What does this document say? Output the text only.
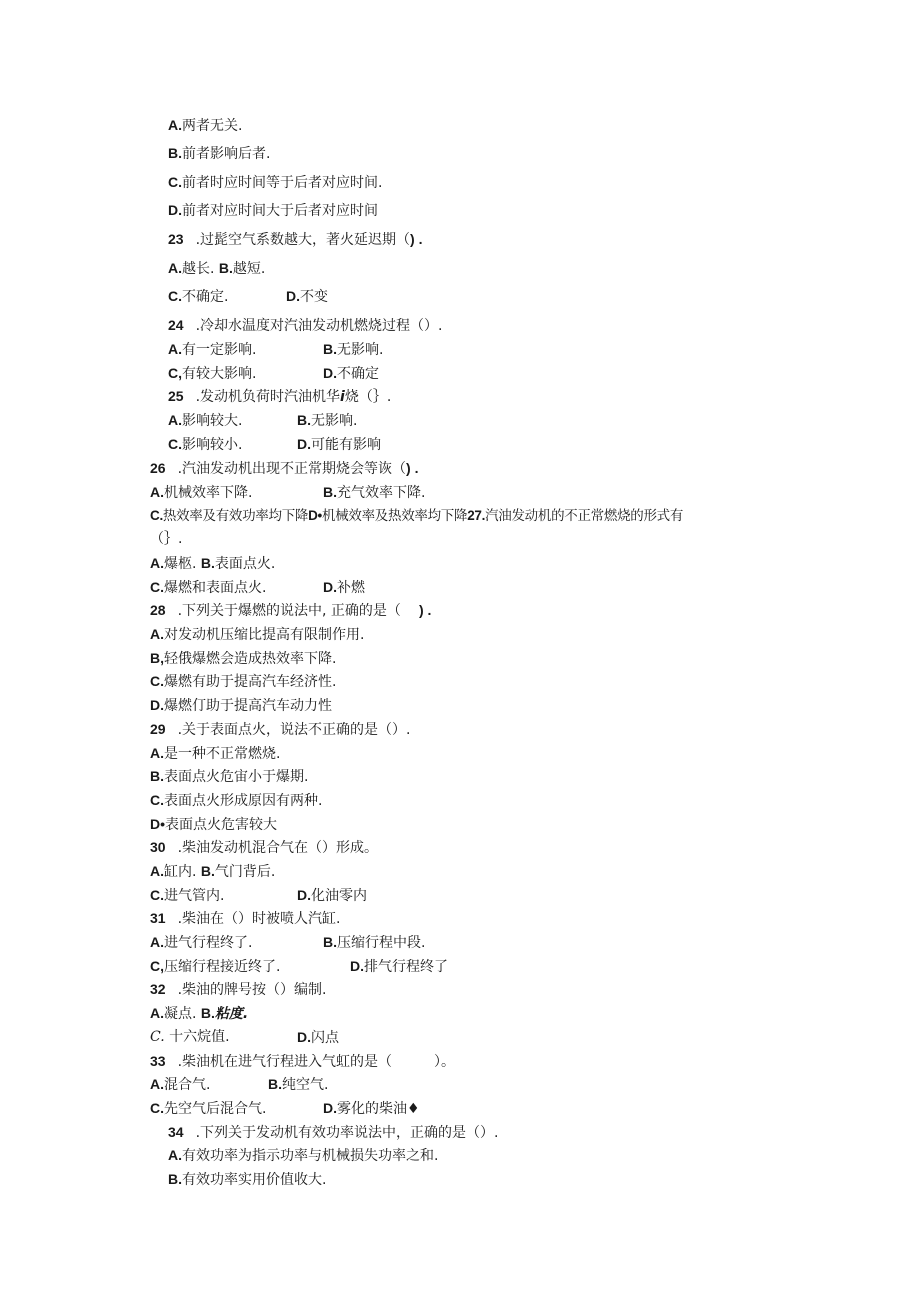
A.两者无关.
B.前者影响后者.
C.前者时应时间等于后者对应时间.
D.前者对应时间大于后者对应时间
23 .过髭空气系数越大，著火延迟期（) .
A.越长. B.越短.
C.不确定.	D.不变
24 .冷却水温度对汽油发动机燃烧过程（）.
A.有一定影响.	B.无影响.
C,有较大影响.	D.不确定
25 .发动机负荷时汽油机华i烧（｝.
A.影响较大.	B.无影响.
C.影响较小.	D.可能有影响
26 .汽油发动机出现不正常期烧会等诙（) .
A.机械效率下降.	B.充气效率下降.
C.热效率及有效功率均下降D•机械效率及热效率均下降27.汽油发动机的不正常燃烧的形式有
（｝.
A.爆柩. B.表面点火.
C.爆燃和表面点火.	D.补燃
28 .下列关于爆燃的说法中, 正确的是（ ) .
A.对发动机压缩比提高有限制作用.
B,轻俄爆燃会造成热效率下降.
C.爆燃有助于提高汽车经济性.
D.爆燃仃助于提高汽车动力性
29 .关于表面点火，说法不正确的是（）.
A.是一种不正常燃烧.
B.表面点火危宙小于爆期.
C.表面点火形成原因有两种.
D•表面点火危害较大
30 .柴油发动机混合气在（）形成。
A.缸内. B.气门背后.
C.进气管内.	D.化油零内
31 .柴油在（）时被喷人汽缸.
A.进气行程终了.	B.压缩行程中段.
C,压缩行程接近终了.	D.排气行程终了
32 .柴油的牌号按（）编制.
A.凝点. B.粘度.
C. 十六烷值.	D.闪点
33 .柴油机在进气行程进入气虹的是（　　　）。
A.混合气.	B.纯空气.
C.先空气后混合气.	D.雾化的柴油♦
34 .下列关于发动机有效功率说法中，正确的是（）.
A.有效功率为指示功率与机械损失功率之和.
B.有效功率实用价值收大.
